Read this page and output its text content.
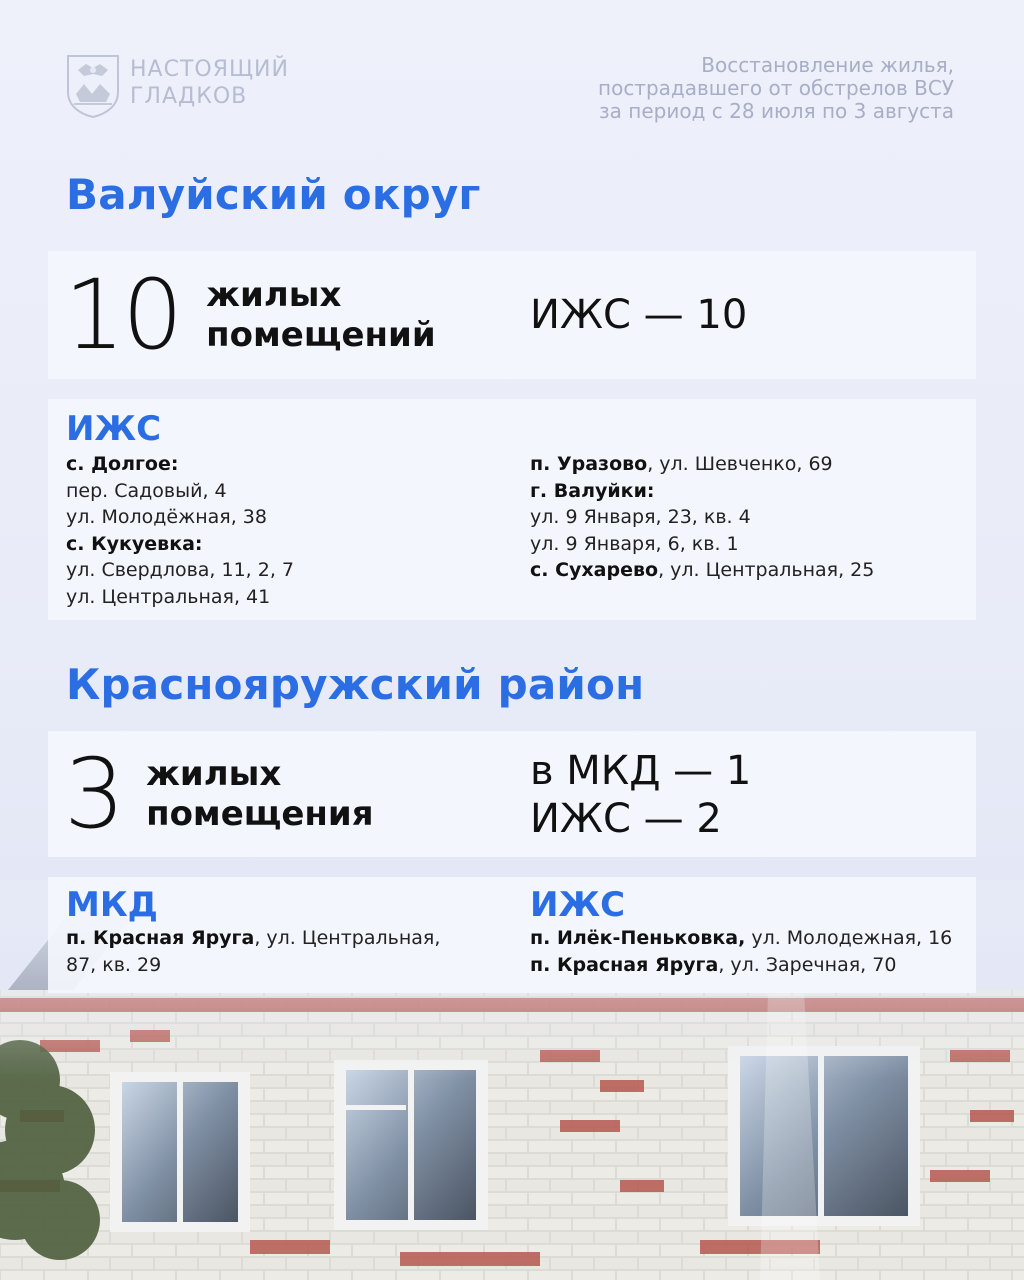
НАСТОЯЩИЙ
ГЛАДКОВ
Восстановление жилья,
пострадавшего от обстрелов ВСУ
за период с 28 июля по 3 августа
Валуйский округ
10 жилых
помещений ИЖС — 10
ИЖС
с. Долгое:
пер. Садовый, 4
ул. Молодёжная, 38
с. Кукуевка:
ул. Свердлова, 11, 2, 7
ул. Центральная, 41
п. Уразово, ул. Шевченко, 69
г. Валуйки:
ул. 9 Января, 23, кв. 4
ул. 9 Января, 6, кв. 1
с. Сухарево, ул. Центральная, 25
Краснояружский район
3 жилых
помещения
в МКД — 1
ИЖС — 2
МКД
п. Красная Яруга, ул. Центральная,
87, кв. 29
ИЖС
п. Илёк-Пеньковка, ул. Молодежная, 16
п. Красная Яруга, ул. Заречная, 70
